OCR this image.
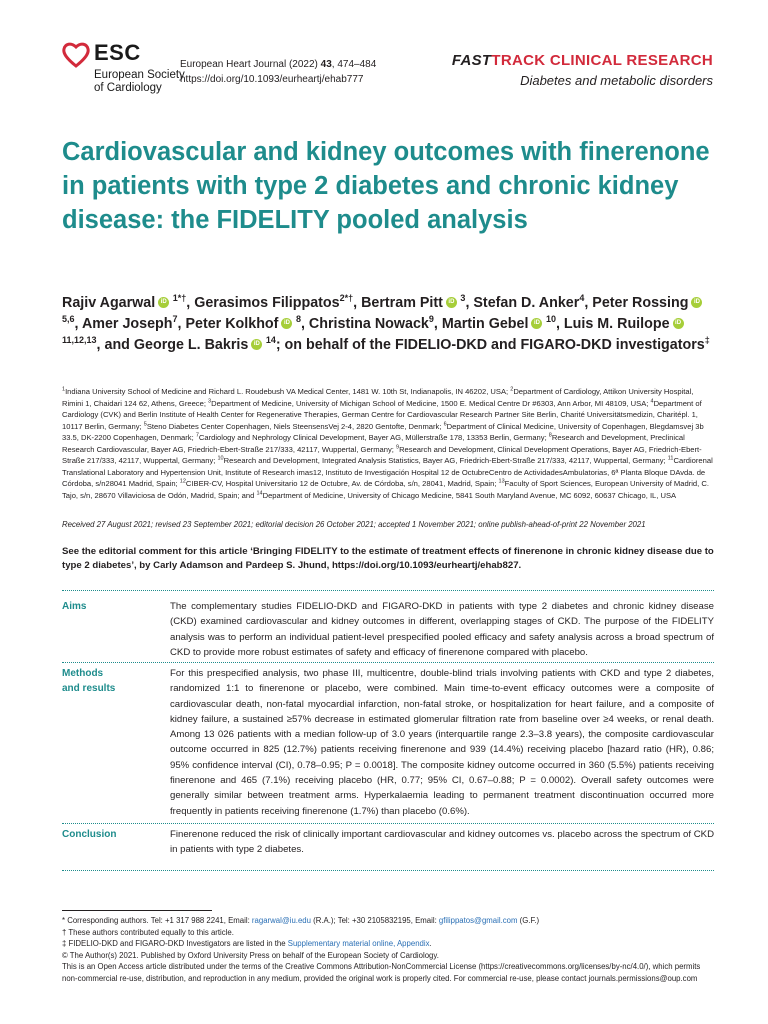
ESC
European Society
of Cardiology
European Heart Journal (2022) 43, 474–484
https://doi.org/10.1093/eurheartj/ehab777
FASTTRACK CLINICAL RESEARCH
Diabetes and metabolic disorders
Cardiovascular and kidney outcomes with finerenone in patients with type 2 diabetes and chronic kidney disease: the FIDELITY pooled analysis
Rajiv AgarwaliD $^{1*\dagger}$, Gerasimos Filippatos$^{2*\dagger}$, Bertram PittiD $^3$, Stefan D. Anker$^4$, Peter RossingiD $^{5,6}$, Amer Joseph$^7$, Peter KolkhofiD $^8$, Christina Nowack$^9$, Martin GebeliD $^{10}$, Luis M. RuilopeiD $^{11,12,13}$, and George L. BakrisiD $^{14}$; on behalf of the FIDELIO-DKD and FIGARO-DKD investigators‡
$^1$Indiana University School of Medicine and Richard L. Roudebush VA Medical Center, 1481 W. 10th St, Indianapolis, IN 46202, USA; $^2$Department of Cardiology, Attikon University Hospital, Rimini 1, Chaidari 124 62, Athens, Greece; $^3$Department of Medicine, University of Michigan School of Medicine, 1500 E. Medical Centre Dr #6303, Ann Arbor, MI 48109, USA; $^4$Department of Cardiology (CVK) and Berlin Institute of Health Center for Regenerative Therapies, German Centre for Cardiovascular Research Partner Site Berlin, Charité Universitätsmedizin, Charitépl. 1, 10117 Berlin, Germany; $^5$Steno Diabetes Center Copenhagen, Niels SteensensVej 2-4, 2820 Gentofte, Denmark; $^6$Department of Clinical Medicine, University of Copenhagen, Blegdamsvej 3b 33.5, DK-2200 Copenhagen, Denmark; $^7$Cardiology and Nephrology Clinical Development, Bayer AG, Müllerstraße 178, 13353 Berlin, Germany; $^8$Research and Development, Preclinical Research Cardiovascular, Bayer AG, Friedrich-Ebert-Straße 217/333, 42117, Wuppertal, Germany; $^9$Research and Development, Clinical Development Operations, Bayer AG, Friedrich-Ebert-Straße 217/333, 42117, Wuppertal, Germany; $^{10}$Research and Development, Integrated Analysis Statistics, Bayer AG, Friedrich-Ebert-Straße 217/333, 42117, Wuppertal, Germany; $^{11}$Cardiorenal Translational Laboratory and Hypertension Unit, Institute of Research imas12, Instituto de Investigación Hospital 12 de OctubreCentro de ActividadesAmbulatorias, 6ª Planta Bloque DAvda. de Córdoba, s/n28041 Madrid, Spain; $^{12}$CIBER-CV, Hospital Universitario 12 de Octubre, Av. de Córdoba, s/n, 28041, Madrid, Spain; $^{13}$Faculty of Sport Sciences, European University of Madrid, C. Tajo, s/n, 28670 Villaviciosa de Odón, Madrid, Spain; and $^{14}$Department of Medicine, University of Chicago Medicine, 5841 South Maryland Avenue, MC 6092, 60637 Chicago, IL, USA
Received 27 August 2021; revised 23 September 2021; editorial decision 26 October 2021; accepted 1 November 2021; online publish-ahead-of-print 22 November 2021
See the editorial comment for this article ‘Bringing FIDELITY to the estimate of treatment effects of finerenone in chronic kidney disease due to type 2 diabetes’, by Carly Adamson and Pardeep S. Jhund, https://doi.org/10.1093/eurheartj/ehab827.
Aims	The complementary studies FIDELIO-DKD and FIGARO-DKD in patients with type 2 diabetes and chronic kidney disease (CKD) examined cardiovascular and kidney outcomes in different, overlapping stages of CKD. The purpose of the FIDELITY analysis was to perform an individual patient-level prespecified pooled efficacy and safety analysis across a broad spectrum of CKD to provide more robust estimates of safety and efficacy of finerenone compared with placebo.
Methods
and results
For this prespecified analysis, two phase III, multicentre, double-blind trials involving patients with CKD and type 2 diabetes, randomized 1:1 to finerenone or placebo, were combined. Main time-to-event efficacy outcomes were a composite of cardiovascular death, non-fatal myocardial infarction, non-fatal stroke, or hospitalization for heart failure, and a composite of kidney failure, a sustained ≥57% decrease in estimated glomerular filtration rate from baseline over ≥4 weeks, or renal death. Among 13 026 patients with a median follow-up of 3.0 years (interquartile range 2.3–3.8 years), the composite cardiovascular outcome occurred in 825 (12.7%) patients receiving finerenone and 939 (14.4%) receiving placebo [hazard ratio (HR), 0.86; 95% confidence interval (CI), 0.78–0.95; P = 0.0018]. The composite kidney outcome occurred in 360 (5.5%) patients receiving finerenone and 465 (7.1%) receiving placebo (HR, 0.77; 95% CI, 0.67–0.88; P = 0.0002). Overall safety outcomes were generally similar between treatment arms. Hyperkalaemia leading to permanent treatment discontinuation occurred more frequently in patients receiving finerenone (1.7%) than placebo (0.6%).
Conclusion	Finerenone reduced the risk of clinically important cardiovascular and kidney outcomes vs. placebo across the spectrum of CKD in patients with type 2 diabetes.
* Corresponding authors. Tel: +1 317 988 2241, Email: ragarwal@iu.edu (R.A.); Tel: +30 2105832195, Email: gfilippatos@gmail.com (G.F.)
† These authors contributed equally to this article.
‡ FIDELIO-DKD and FIGARO-DKD Investigators are listed in the Supplementary material online, Appendix.
© The Author(s) 2021. Published by Oxford University Press on behalf of the European Society of Cardiology.
This is an Open Access article distributed under the terms of the Creative Commons Attribution-NonCommercial License (https://creativecommons.org/licenses/by-nc/4.0/), which permits non-commercial re-use, distribution, and reproduction in any medium, provided the original work is properly cited. For commercial re-use, please contact journals.permissions@oup.com
